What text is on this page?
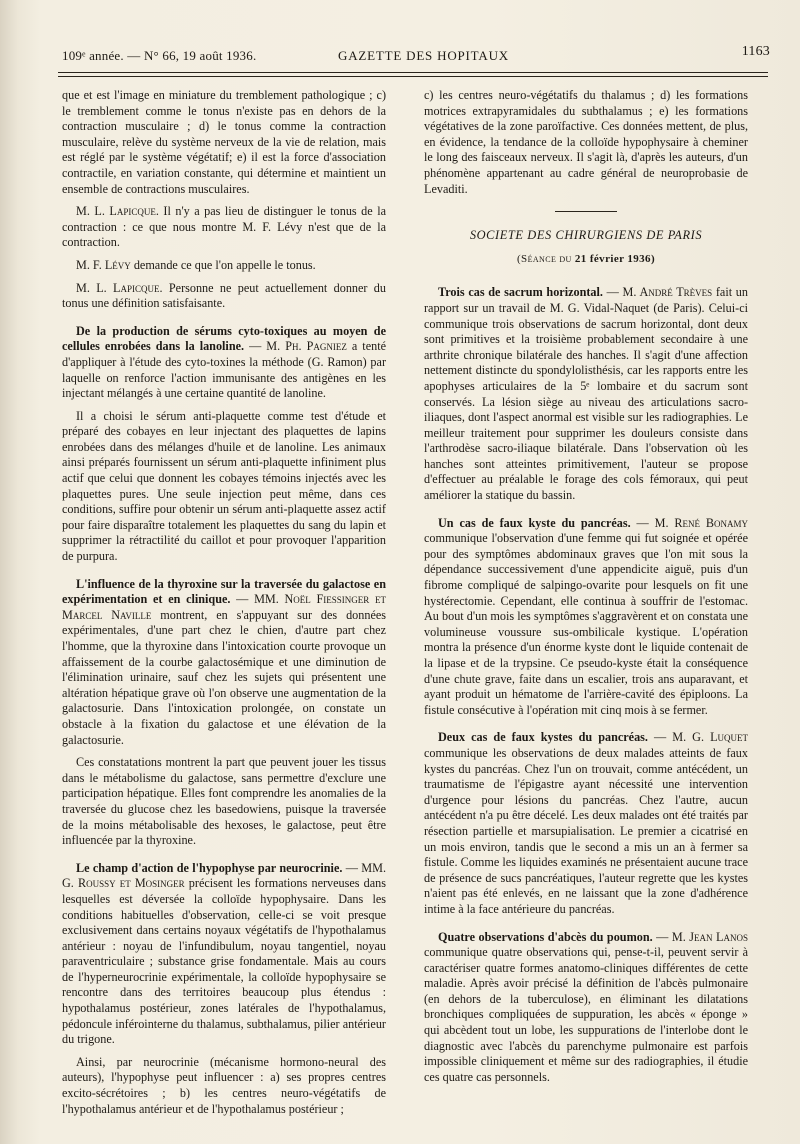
109ᵉ année. — N° 66, 19 août 1936.	GAZETTE DES HOPITAUX	1163

que et est l'image en miniature du tremblement pathologique ; c) le tremblement comme le tonus n'existe pas en dehors de la contraction musculaire ; d) le tonus comme la contraction musculaire, relève du système nerveux de la vie de relation, mais est réglé par le système végétatif; e) il est la force d'association contractile, en variation constante, qui détermine et maintient un ensemble de contractions musculaires.

M. L. Lapicque. Il n'y a pas lieu de distinguer le tonus de la contraction : ce que nous montre M. F. Lévy n'est que de la contraction.

M. F. Lévy demande ce que l'on appelle le tonus.

M. L. Lapicque. Personne ne peut actuellement donner du tonus une définition satisfaisante.

De la production de sérums cyto-toxiques au moyen de cellules enrobées dans la lanoline. — M. Ph. Pagniez a tenté d'appliquer à l'étude des cyto-toxines la méthode (G. Ramon) par laquelle on renforce l'action immunisante des antigènes en les injectant mélangés à une certaine quantité de lanoline.

Il a choisi le sérum anti-plaquette comme test d'étude et préparé des cobayes en leur injectant des plaquettes de lapins enrobées dans des mélanges d'huile et de lanoline. Les animaux ainsi préparés fournissent un sérum anti-plaquette infiniment plus actif que celui que donnent les cobayes témoins injectés avec les plaquettes pures. Une seule injection peut même, dans ces conditions, suffire pour obtenir un sérum anti-plaquette assez actif pour faire disparaître totalement les plaquettes du sang du lapin et supprimer la rétractilité du caillot et pour provoquer l'apparition de purpura.

L'influence de la thyroxine sur la traversée du galactose en expérimentation et en clinique. — MM. Noël Fiessinger et Marcel Naville montrent, en s'appuyant sur des données expérimentales, d'une part chez le chien, d'autre part chez l'homme, que la thyroxine dans l'intoxication courte provoque un affaissement de la courbe galactosémique et une diminution de l'élimination urinaire, sauf chez les sujets qui présentent une altération hépatique grave où l'on observe une augmentation de la galactosurie. Dans l'intoxication prolongée, on constate un obstacle à la fixation du galactose et une élévation de la galactosurie.

Ces constatations montrent la part que peuvent jouer les tissus dans le métabolisme du galactose, sans permettre d'exclure une participation hépatique. Elles font comprendre les anomalies de la traversée du glucose chez les basedowiens, puisque la traversée de la moins métabolisable des hexoses, le galactose, peut être influencée par la thyroxine.

Le champ d'action de l'hypophyse par neurocrinie. — MM. G. Roussy et Mosinger précisent les formations nerveuses dans lesquelles est déversée la colloïde hypophysaire. Dans les conditions habituelles d'observation, celle-ci se voit presque exclusivement dans certains noyaux végétatifs de l'hypothalamus antérieur : noyau de l'infundibulum, noyau tangentiel, noyau paraventriculaire ; substance grise fondamentale. Mais au cours de l'hyperneurocrinie expérimentale, la colloïde hypophysaire se rencontre dans des territoires beaucoup plus étendus : hypothalamus postérieur, zones latérales de l'hypothalamus, pédoncule inférointerne du thalamus, subthalamus, pilier antérieur du trigone.

Ainsi, par neurocrinie (mécanisme hormono-neural des auteurs), l'hypophyse peut influencer : a) ses propres centres excito-sécrétoires ; b) les centres neuro-végétatifs de l'hypothalamus antérieur et de l'hypothalamus postérieur ;

c) les centres neuro-végétatifs du thalamus ; d) les formations motrices extrapyramidales du subthalamus ; e) les formations végétatives de la zone paroïfactive. Ces données mettent, de plus, en évidence, la tendance de la colloïde hypophysaire à cheminer le long des faisceaux nerveux. Il s'agit là, d'après les auteurs, d'un phénomène appartenant au cadre général de neuroprobasie de Levaditi.

SOCIETE DES CHIRURGIENS DE PARIS
(Séance du 21 février 1936)

Trois cas de sacrum horizontal. — M. André Trèves fait un rapport sur un travail de M. G. Vidal-Naquet (de Paris). Celui-ci communique trois observations de sacrum horizontal, dont deux sont primitives et la troisième probablement secondaire à une arthrite chronique bilatérale des hanches. Il s'agit d'une affection nettement distincte du spondylolisthésis, car les rapports entre les apophyses articulaires de la 5ᵉ lombaire et du sacrum sont conservés. La lésion siège au niveau des articulations sacro-iliaques, dont l'aspect anormal est visible sur les radiographies. Le meilleur traitement pour supprimer les douleurs consiste dans l'arthrodèse sacro-iliaque bilatérale. Dans l'observation où les hanches sont atteintes primitivement, l'auteur se propose d'effectuer au préalable le forage des cols fémoraux, qui peut améliorer la statique du bassin.

Un cas de faux kyste du pancréas. — M. René Bonamy communique l'observation d'une femme qui fut soignée et opérée pour des symptômes abdominaux graves que l'on mit sous la dépendance successivement d'une appendicite aiguë, puis d'un fibrome compliqué de salpingo-ovarite pour lesquels on fit une hystérectomie. Cependant, elle continua à souffrir de l'estomac. Au bout d'un mois les symptômes s'aggravèrent et on constata une volumineuse voussure sus-ombilicale kystique. L'opération montra la présence d'un énorme kyste dont le liquide contenait de la lipase et de la trypsine. Ce pseudo-kyste était la conséquence d'une chute grave, faite dans un escalier, trois ans auparavant, et ayant produit un hématome de l'arrière-cavité des épiploons. La fistule consécutive à l'opération mit cinq mois à se fermer.

Deux cas de faux kystes du pancréas. — M. G. Luquet communique les observations de deux malades atteints de faux kystes du pancréas. Chez l'un on trouvait, comme antécédent, un traumatisme de l'épigastre ayant nécessité une intervention d'urgence pour lésions du pancréas. Chez l'autre, aucun antécédent n'a pu être décelé. Les deux malades ont été traités par résection partielle et marsupialisation. Le premier a cicatrisé en un mois environ, tandis que le second a mis un an à fermer sa fistule. Comme les liquides examinés ne présentaient aucune trace de présence de sucs pancréatiques, l'auteur regrette que les kystes n'aient pas été enlevés, en ne laissant que la zone d'adhérence intime à la face antérieure du pancréas.

Quatre observations d'abcès du poumon. — M. Jean Lanos communique quatre observations qui, pense-t-il, peuvent servir à caractériser quatre formes anatomo-cliniques différentes de cette maladie. Après avoir précisé la définition de l'abcès pulmonaire (en dehors de la tuberculose), en éliminant les dilatations bronchiques compliquées de suppuration, les abcès « éponge » qui abcèdent tout un lobe, les suppurations de l'interlobe dont le diagnostic avec l'abcès du parenchyme pulmonaire est parfois impossible cliniquement et même sur des radiographies, il étudie ces quatre cas personnels.
